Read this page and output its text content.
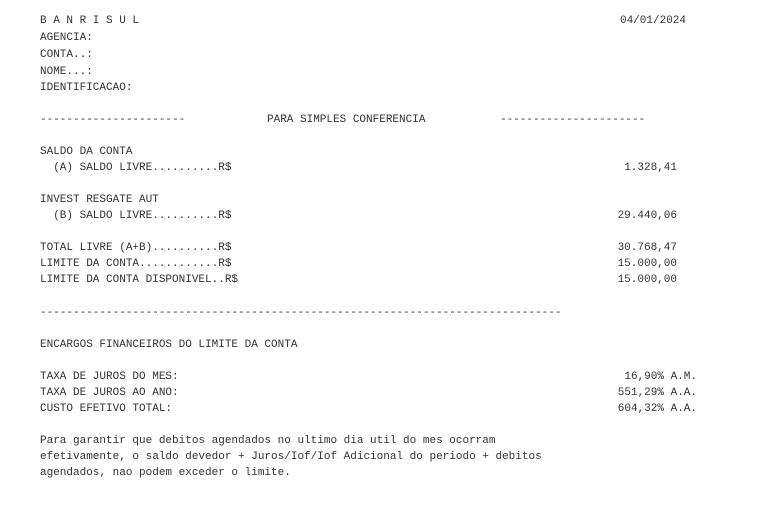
B A N R I S U L	04/01/2024
AGENCIA:
CONTA..:
NOME...:
IDENTIFICACAO:
----------------------	PARA SIMPLES CONFERENCIA	----------------------
SALDO DA CONTA
(A) SALDO LIVRE..........R$	1.328,41
INVEST RESGATE AUT
(B) SALDO LIVRE..........R$	29.440,06
TOTAL LIVRE (A+B)..........R$	30.768,47
LIMITE DA CONTA............R$	15.000,00
LIMITE DA CONTA DISPONIVEL..R$	15.000,00
-------------------------------------------------------------------------------
ENCARGOS FINANCEIROS DO LIMITE DA CONTA
TAXA DE JUROS DO MES:	16,90% A.M.
TAXA DE JUROS AO ANO:	551,29% A.A.
CUSTO EFETIVO TOTAL:	604,32% A.A.
Para garantir que debitos agendados no ultimo dia util do mes ocorram
efetivamente, o saldo devedor + Juros/Iof/Iof Adicional do periodo + debitos
agendados, nao podem exceder o limite.
